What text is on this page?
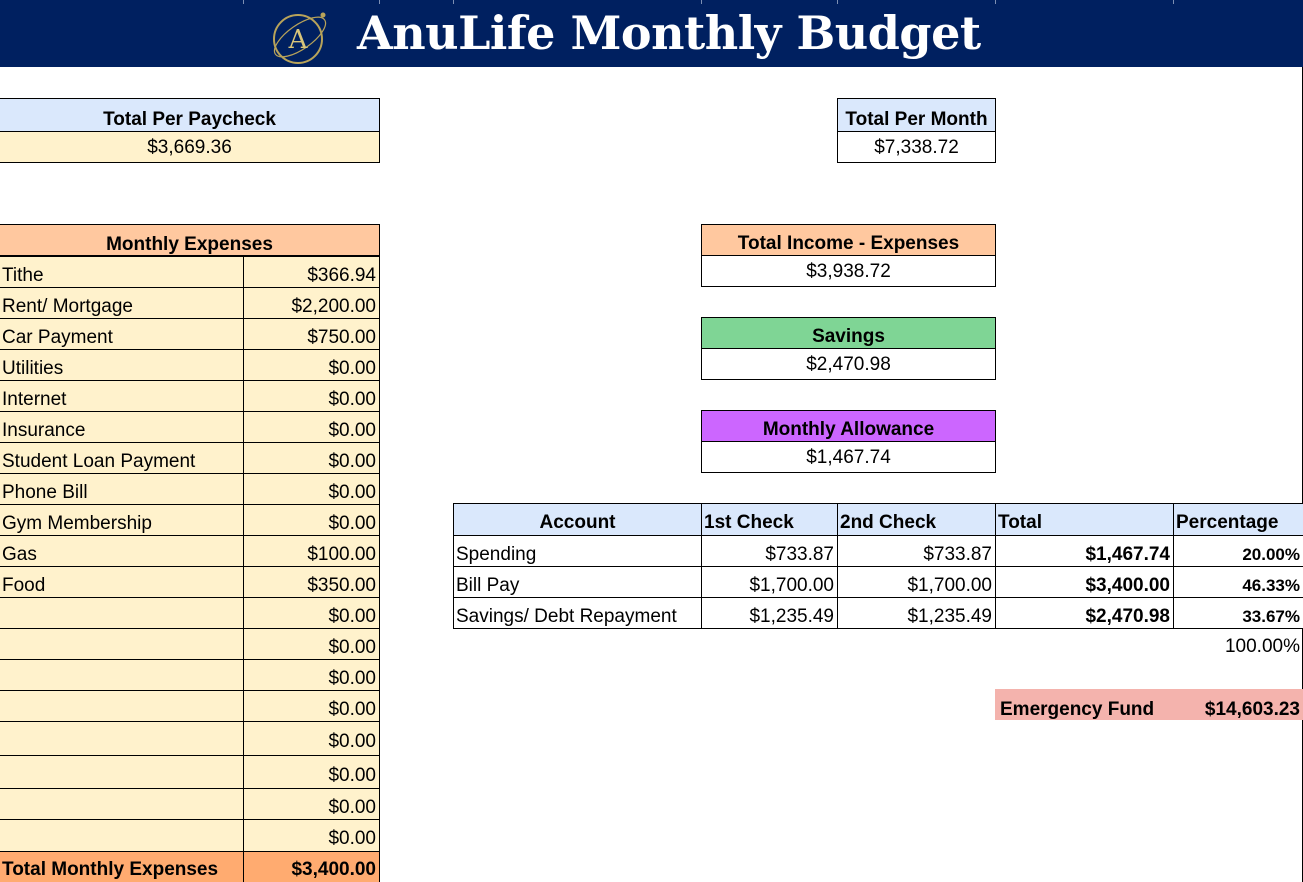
A AnuLife Monthly Budget
Total Per Paycheck
$3,669.36
Total Per Month
$7,338.72
Monthly Expenses
Tithe	$366.94
Rent/ Mortgage	$2,200.00
Car Payment	$750.00
Utilities	$0.00
Internet	$0.00
Insurance	$0.00
Student Loan Payment	$0.00
Phone Bill	$0.00
Gym Membership	$0.00
Gas	$100.00
Food	$350.00
$0.00
$0.00
$0.00
$0.00
$0.00
$0.00
$0.00
$0.00
Total Monthly Expenses	$3,400.00
Total Income - Expenses
$3,938.72
Savings
$2,470.98
Monthly Allowance
$1,467.74
Account	1st Check	2nd Check	Total	Percentage
Spending	$733.87	$733.87	$1,467.74	20.00%
Bill Pay	$1,700.00	$1,700.00	$3,400.00	46.33%
Savings/ Debt Repayment	$1,235.49	$1,235.49	$2,470.98	33.67%
100.00%
Emergency Fund	$14,603.23
